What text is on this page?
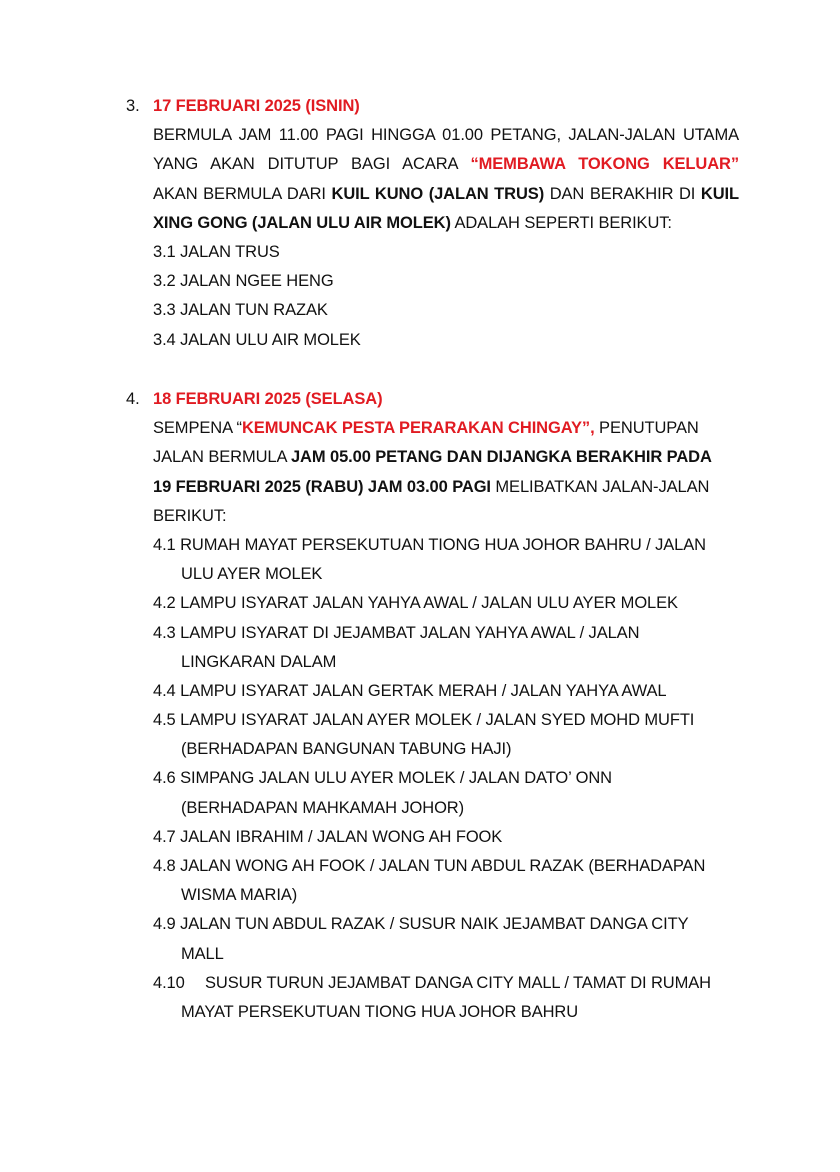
3. 17 FEBRUARI 2025 (ISNIN)
BERMULA JAM 11.00 PAGI HINGGA 01.00 PETANG, JALAN-JALAN UTAMA
YANG AKAN DITUTUP BAGI ACARA “MEMBAWA TOKONG KELUAR”
AKAN BERMULA DARI KUIL KUNO (JALAN TRUS) DAN BERAKHIR DI KUIL
XING GONG (JALAN ULU AIR MOLEK) ADALAH SEPERTI BERIKUT:
3.1 JALAN TRUS
3.2 JALAN NGEE HENG
3.3 JALAN TUN RAZAK
3.4 JALAN ULU AIR MOLEK
4. 18 FEBRUARI 2025 (SELASA)
SEMPENA “KEMUNCAK PESTA PERARAKAN CHINGAY”, PENUTUPAN
JALAN BERMULA JAM 05.00 PETANG DAN DIJANGKA BERAKHIR PADA
19 FEBRUARI 2025 (RABU) JAM 03.00 PAGI MELIBATKAN JALAN-JALAN
BERIKUT:
4.1 RUMAH MAYAT PERSEKUTUAN TIONG HUA JOHOR BAHRU / JALAN
ULU AYER MOLEK
4.2 LAMPU ISYARAT JALAN YAHYA AWAL / JALAN ULU AYER MOLEK
4.3 LAMPU ISYARAT DI JEJAMBAT JALAN YAHYA AWAL / JALAN
LINGKARAN DALAM
4.4 LAMPU ISYARAT JALAN GERTAK MERAH / JALAN YAHYA AWAL
4.5 LAMPU ISYARAT JALAN AYER MOLEK / JALAN SYED MOHD MUFTI
(BERHADAPAN BANGUNAN TABUNG HAJI)
4.6 SIMPANG JALAN ULU AYER MOLEK / JALAN DATO’ ONN
(BERHADAPAN MAHKAMAH JOHOR)
4.7 JALAN IBRAHIM / JALAN WONG AH FOOK
4.8 JALAN WONG AH FOOK / JALAN TUN ABDUL RAZAK (BERHADAPAN
WISMA MARIA)
4.9 JALAN TUN ABDUL RAZAK / SUSUR NAIK JEJAMBAT DANGA CITY
MALL
4.10 SUSUR TURUN JEJAMBAT DANGA CITY MALL / TAMAT DI RUMAH
MAYAT PERSEKUTUAN TIONG HUA JOHOR BAHRU
